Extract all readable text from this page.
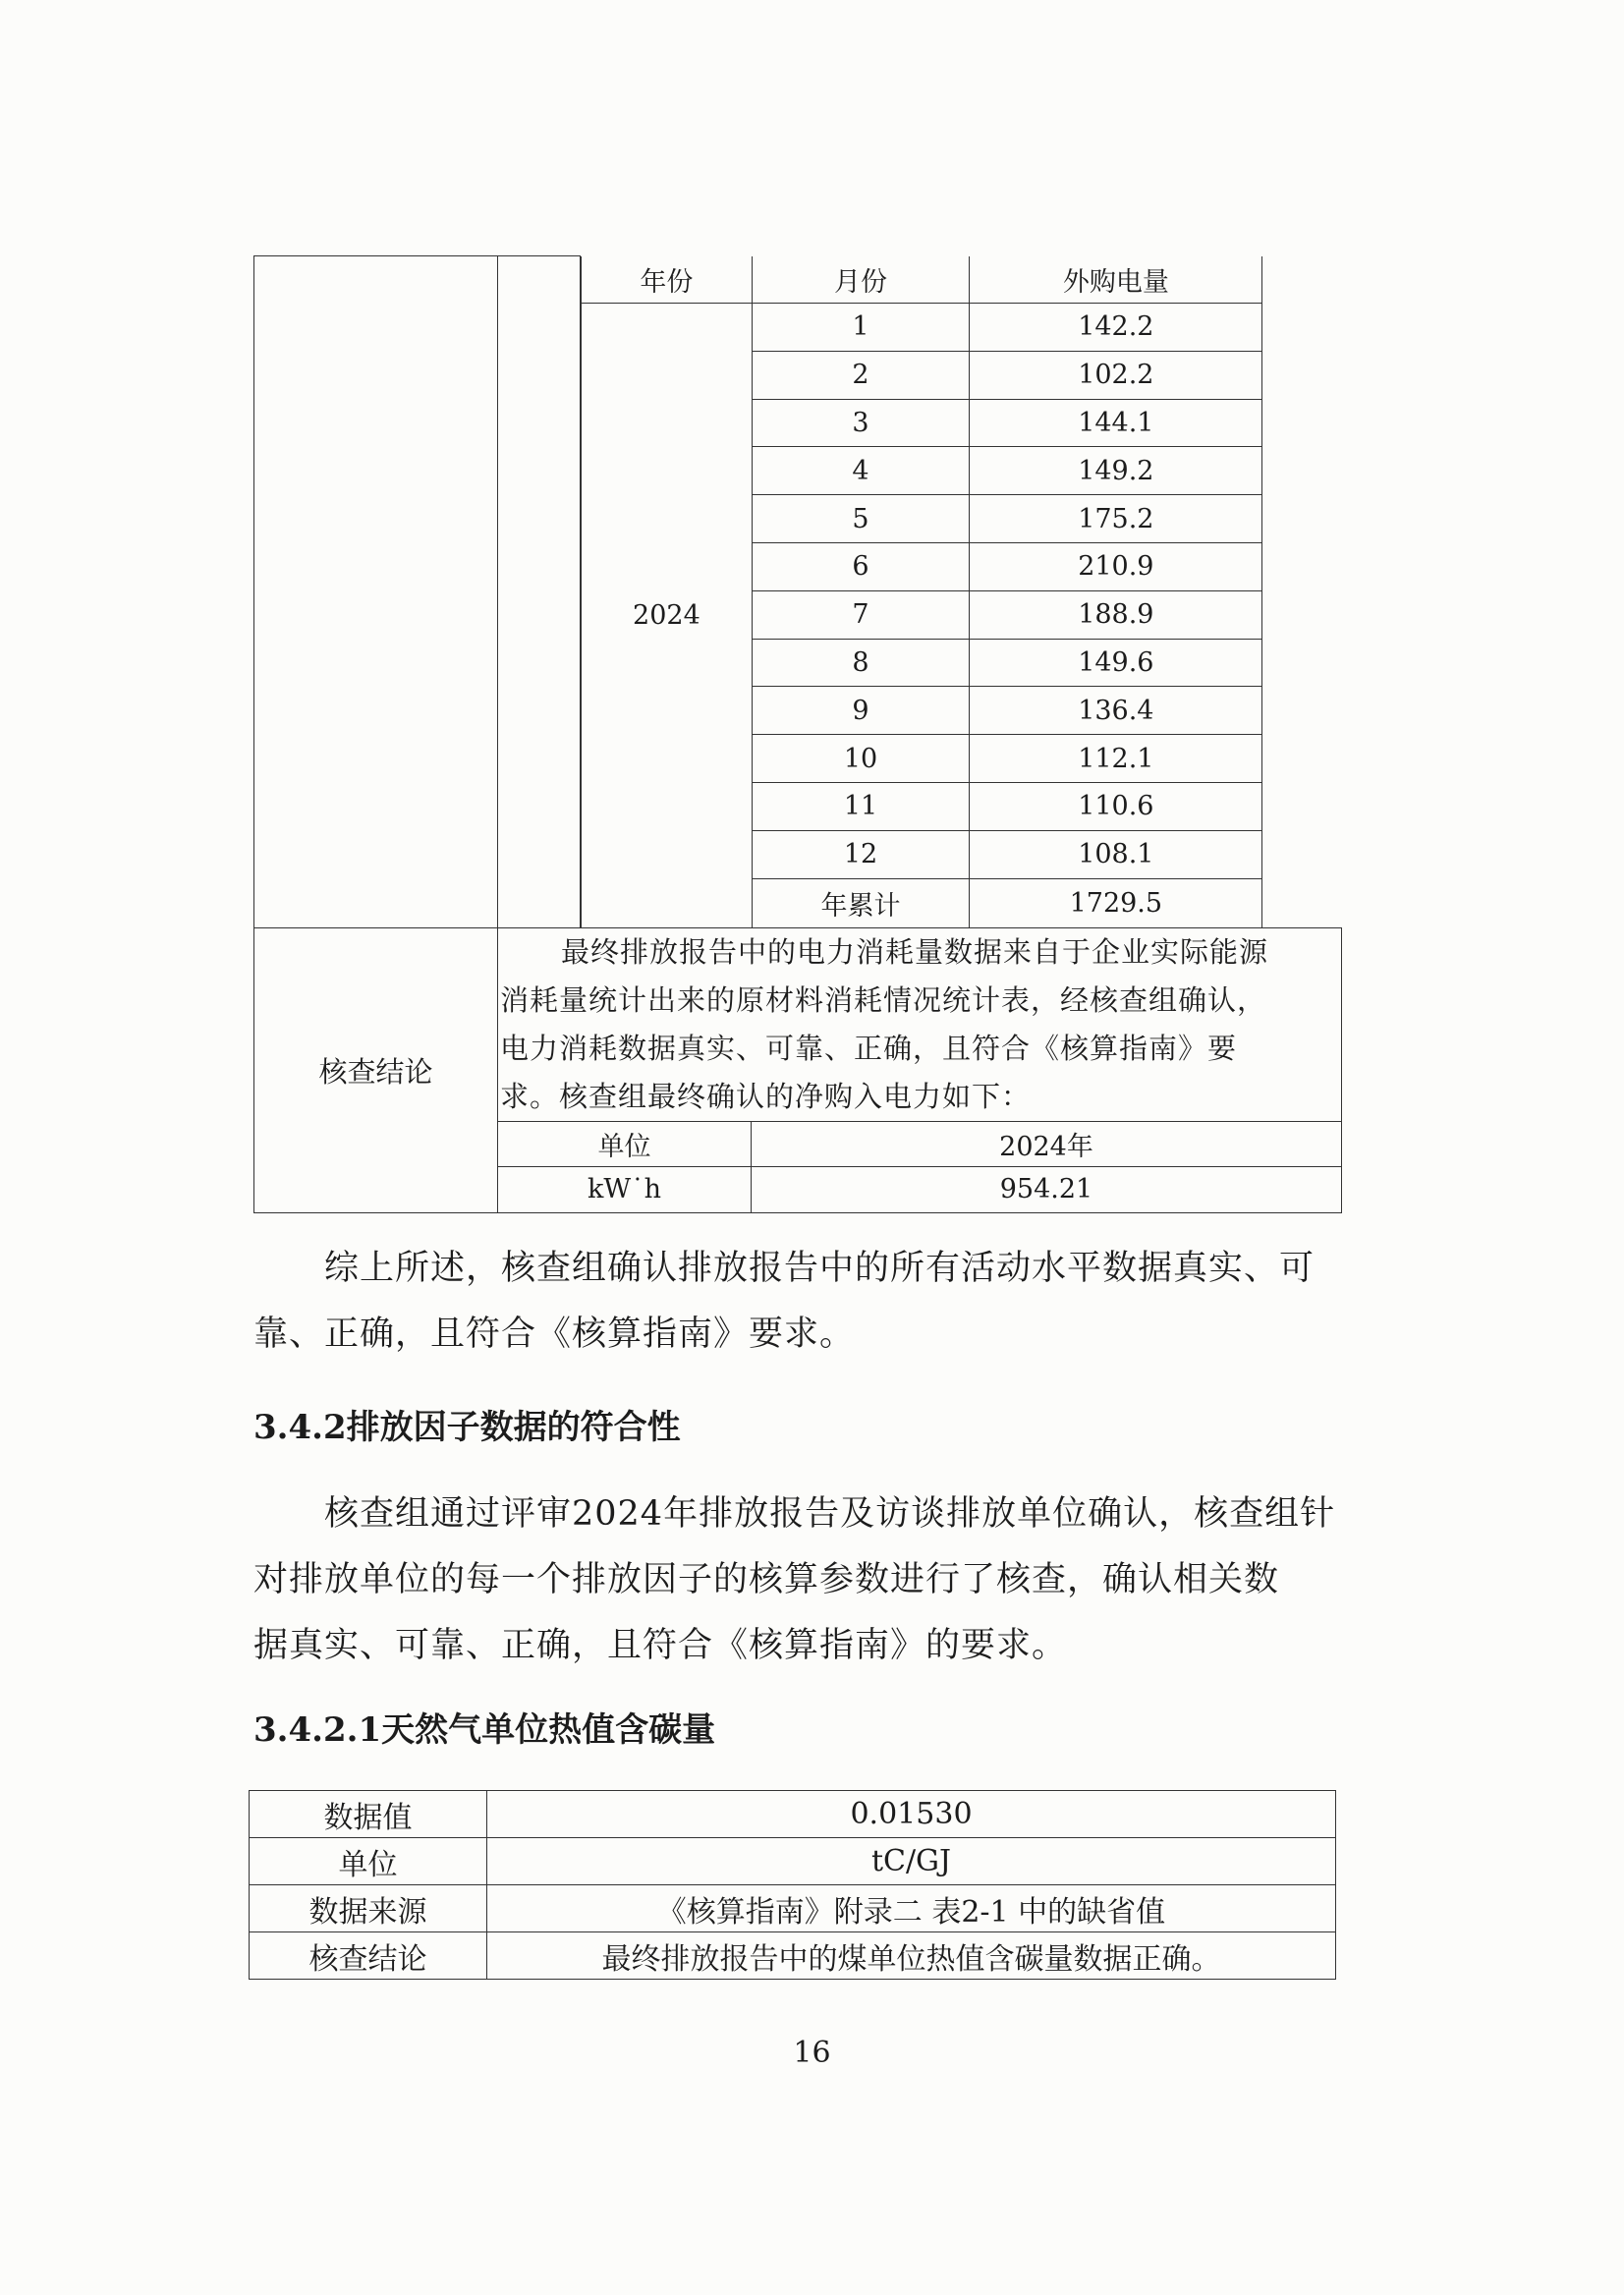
年份	月份	外购电量
2024	1	142.2
2	102.2
3	144.1
4	149.2
5	175.2
6	210.9
7	188.9
8	149.6
9	136.4
10	112.1
11	110.6
12	108.1
年累计	1729.5

核查结论	
最终排放报告中的电力消耗量数据来自于企业实际能源
消耗量统计出来的原材料消耗情况统计表，经核查组确认，
电力消耗数据真实、可靠、正确，且符合《核算指南》要
求。核查组最终确认的净购入电力如下：
单位	2024年
kW˙h	954.21

综上所述，核查组确认排放报告中的所有活动水平数据真实、可

靠、正确，且符合《核算指南》要求。

3.4.2排放因子数据的符合性

核查组通过评审2024年排放报告及访谈排放单位确认，核查组针

对排放单位的每一个排放因子的核算参数进行了核查，确认相关数

据真实、可靠、正确，且符合《核算指南》的要求。

3.4.2.1天然气单位热值含碳量
数据值	0.01530
单位	tC/GJ
数据来源	《核算指南》附录二 表2-1 中的缺省值
核查结论	最终排放报告中的煤单位热值含碳量数据正确。
16
